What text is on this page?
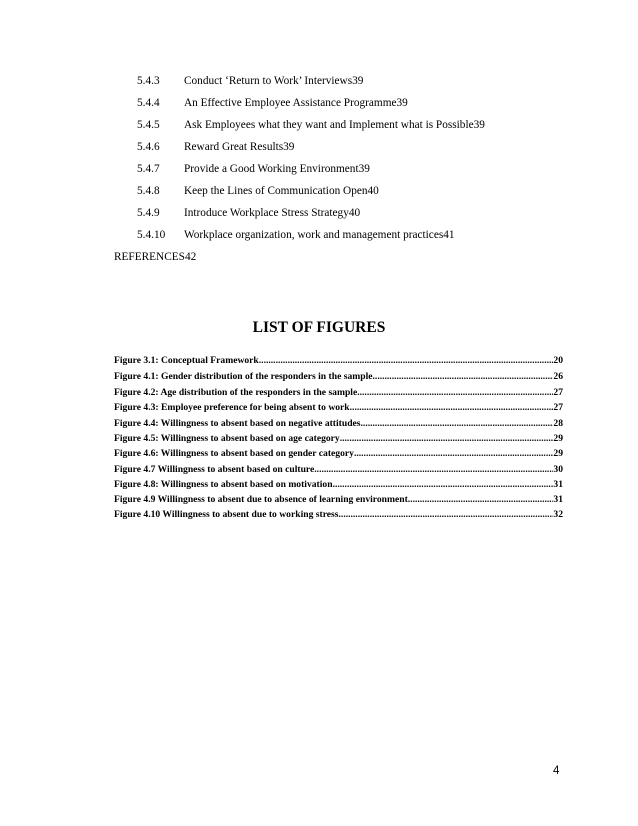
5.4.3 Conduct ‘Return to Work’ Interviews 39
5.4.4 An Effective Employee Assistance Programme 39
5.4.5 Ask Employees what they want and Implement what is Possible 39
5.4.6 Reward Great Results 39
5.4.7 Provide a Good Working Environment 39
5.4.8 Keep the Lines of Communication Open 40
5.4.9 Introduce Workplace Stress Strategy 40
5.4.10 Workplace organization, work and management practices 41
REFERENCES 42
LIST OF FIGURES
Figure 3.1: Conceptual Framework .....	20
Figure 4.1: Gender distribution of the responders in the sample .....	26
Figure 4.2: Age distribution of the responders in the sample .....	27
Figure 4.3: Employee preference for being absent to work .....	27
Figure 4.4: Willingness to absent based on negative attitudes .....	28
Figure 4.5: Willingness to absent based on age category .....	29
Figure 4.6: Willingness to absent based on gender category .....	29
Figure 4.7 Willingness to absent based on culture .....	30
Figure 4.8: Willingness to absent based on motivation .....	31
Figure 4.9 Willingness to absent due to absence of learning environment .....	31
Figure 4.10 Willingness to absent due to working stress .....	32
4
